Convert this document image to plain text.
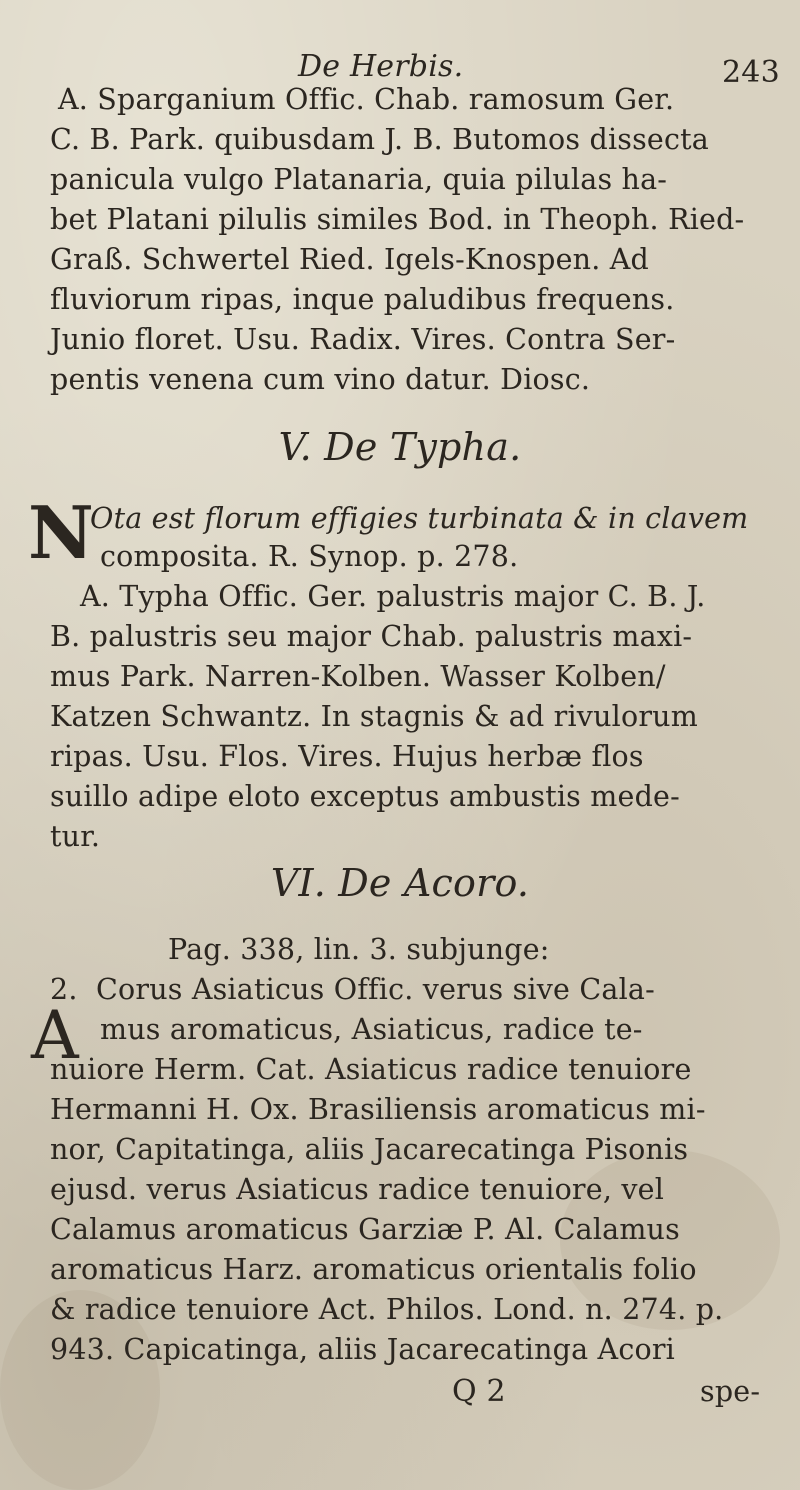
De Herbis.	243
A. Sparganium Offic. Chab. ramosum Ger.
C. B. Park. quibusdam J. B. Butomos dissecta
panicula vulgo Platanaria, quia pilulas ha-
bet Platani pilulis similes Bod. in Theoph. Ried-
Graß. Schwertel Ried. Igels-Knospen. Ad
fluviorum ripas, inque paludibus frequens.
Junio floret. Usu. Radix. Vires. Contra Ser-
pentis venena cum vino datur. Diosc.
V. De Typha.
N
Ota est florum effigies turbinata & in clavem
composita. R. Synop. p. 278.
A. Typha Offic. Ger. palustris major C. B. J.
B. palustris seu major Chab. palustris maxi-
mus Park. Narren-Kolben. Wasser Kolben/
Katzen Schwantz. In stagnis & ad rivulorum
ripas. Usu. Flos. Vires. Hujus herbæ flos
suillo adipe eloto exceptus ambustis mede-
tur.
VI. De Acoro.
Pag. 338, lin. 3. subjunge:
2.
A
Corus Asiaticus Offic. verus sive Cala-
mus aromaticus, Asiaticus, radice te-
nuiore Herm. Cat. Asiaticus radice tenuiore
Hermanni H. Ox. Brasiliensis aromaticus mi-
nor, Capitatinga, aliis Jacarecatinga Pisonis
ejusd. verus Asiaticus radice tenuiore, vel
Calamus aromaticus Garziæ P. Al. Calamus
aromaticus Harz. aromaticus orientalis folio
& radice tenuiore Act. Philos. Lond. n. 274. p.
943. Capicatinga, aliis Jacarecatinga Acori
Q 2	spe-
